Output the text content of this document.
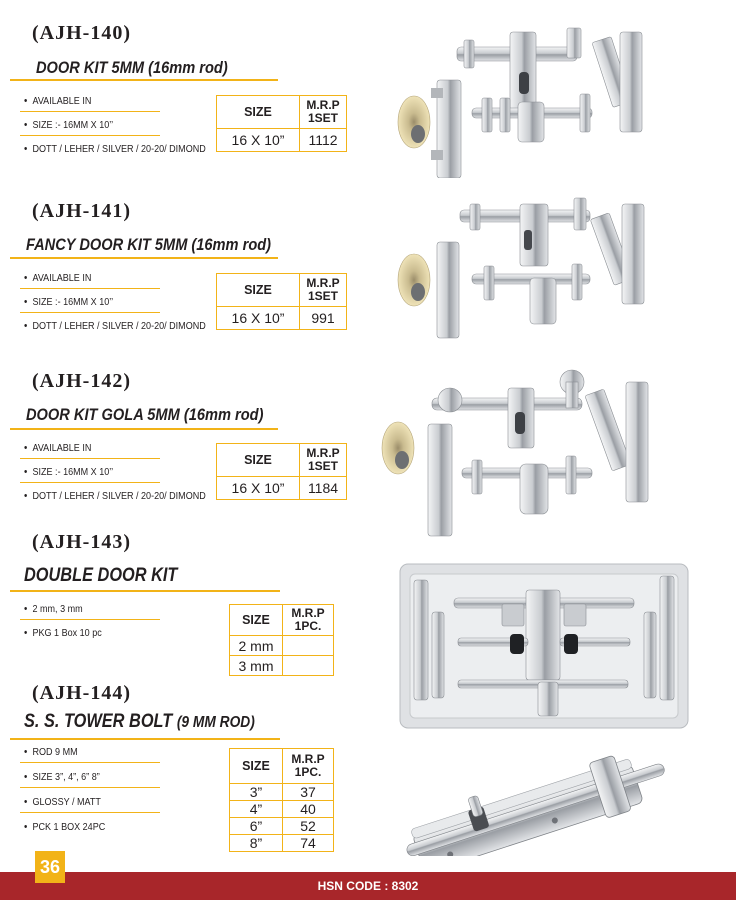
(AJH-140)
DOOR KIT 5MM (16mm rod)
• AVAILABLE IN
• SIZE :- 16MM X 10’’
• DOTT / LEHER / SILVER / 20-20/ DIMOND
SIZE	M.R.P
1SET

16 X 10”	1112
(AJH-141)
FANCY DOOR KIT 5MM (16mm rod)
• AVAILABLE IN
• SIZE :- 16MM X 10’’
• DOTT / LEHER / SILVER / 20-20/ DIMOND
SIZE	M.R.P
1SET

16 X 10”	991
(AJH-142)
DOOR KIT GOLA 5MM (16mm rod)
• AVAILABLE IN
• SIZE :- 16MM X 10’’
• DOTT / LEHER / SILVER / 20-20/ DIMOND
SIZE	M.R.P
1SET

16 X 10”	1184
(AJH-143)
DOUBLE DOOR KIT
• 2 mm, 3 mm
• PKG 1 Box 10 pc
SIZE	M.R.P
1PC.

2 mm	
3 mm	
(AJH-144)
S. S. TOWER BOLT (9 MM ROD)
• ROD 9 MM
• SIZE 3”, 4”, 6” 8”
• GLOSSY / MATT
• PCK 1 BOX 24PC
SIZE	M.R.P
1PC.

3”	37
4”	40
6”	52
8”	74
HSN CODE : 8302
36
